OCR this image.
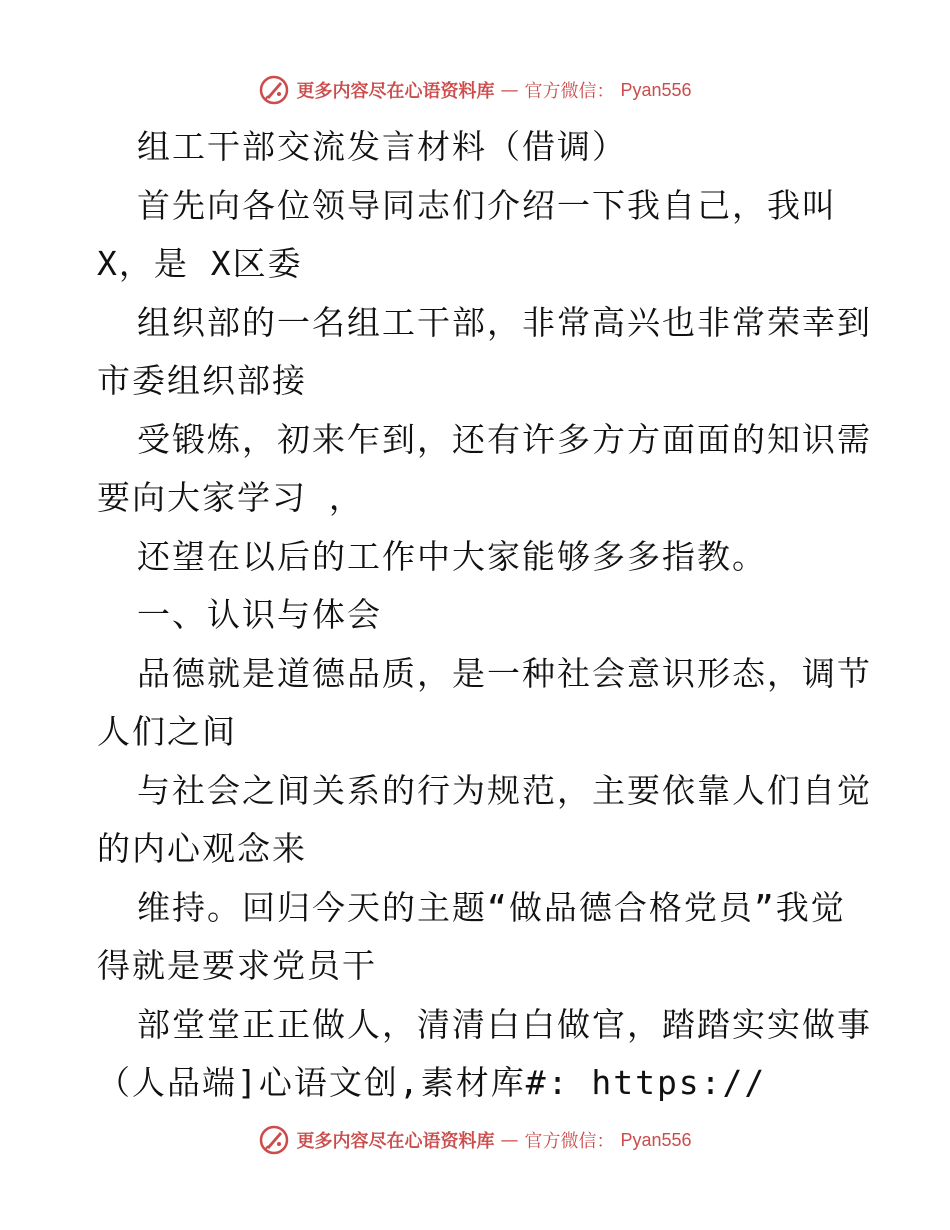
更多内容尽在心语资料库 — 官方微信： Pyan556
组工干部交流发言材料（借调）
首先向各位领导同志们介绍一下我自己，我叫
X，是 X区委
组织部的一名组工干部，非常高兴也非常荣幸到
市委组织部接
受锻炼，初来乍到，还有许多方方面面的知识需
要向大家学习 ，
还望在以后的工作中大家能够多多指教。
一、认识与体会
品德就是道德品质，是一种社会意识形态，调节
人们之间
与社会之间关系的行为规范，主要依靠人们自觉
的内心观念来
维持。回归今天的主题“做品德合格党员”我觉
得就是要求党员干
部堂堂正正做人，清清白白做官，踏踏实实做事
（人品端]心语文创,素材库#: https://
更多内容尽在心语资料库 — 官方微信： Pyan556
